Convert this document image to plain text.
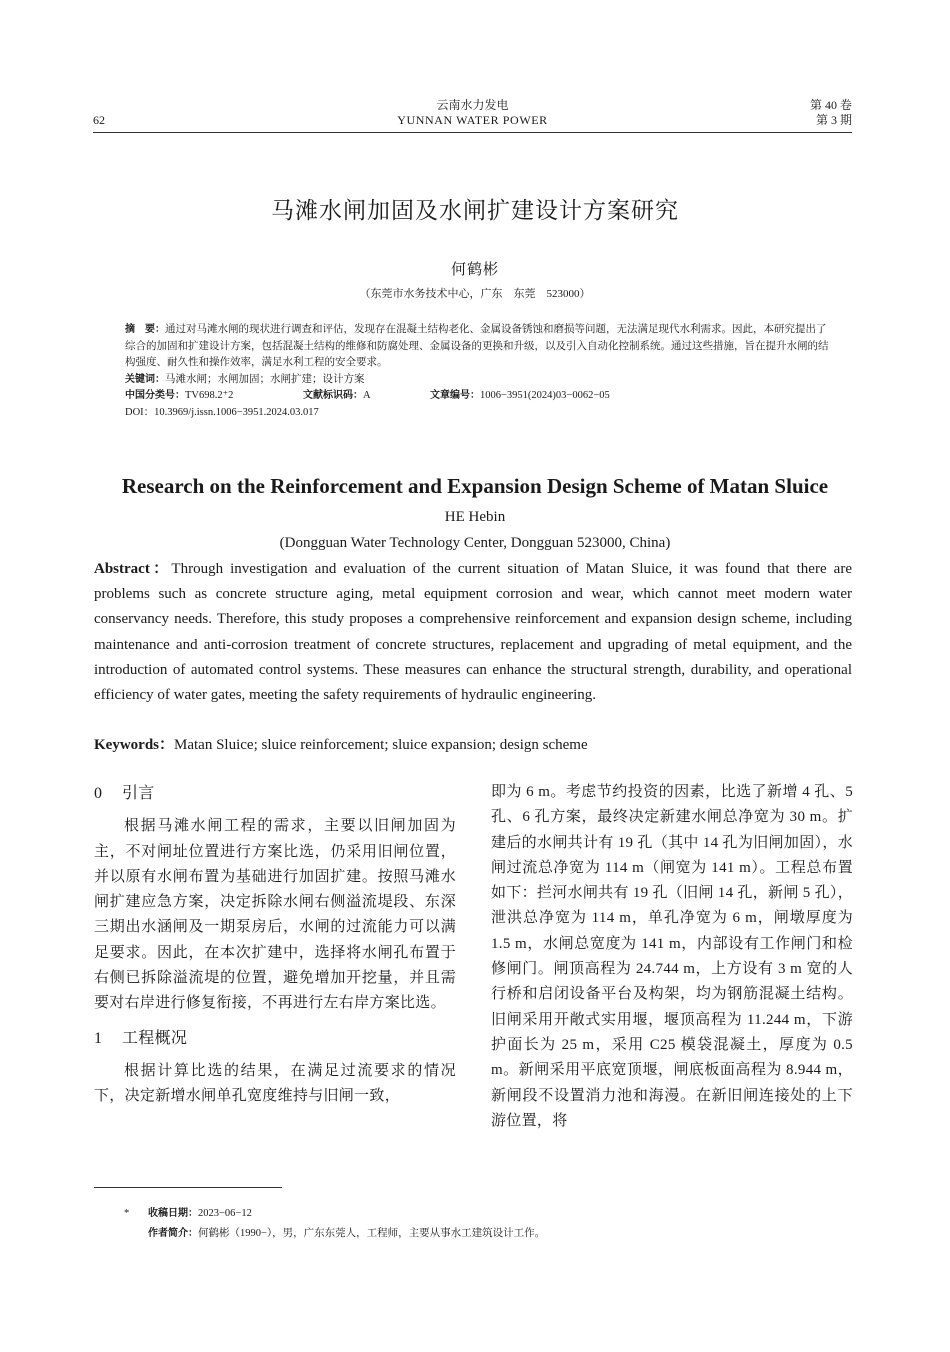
62
云南水力发电
YUNNAN WATER POWER
第 40 卷
第 3 期
马滩水闸加固及水闸扩建设计方案研究
何鹤彬
（东莞市水务技术中心，广东　东莞　523000）

摘　要：通过对马滩水闸的现状进行调查和评估，发现存在混凝土结构老化、金属设备锈蚀和磨损等问题，无法满足现代水利需求。因此，本研究提出了综合的加固和扩建设计方案，包括混凝土结构的维修和防腐处理、金属设备的更换和升级，以及引入自动化控制系统。通过这些措施，旨在提升水闸的结构强度、耐久性和操作效率，满足水利工程的安全要求。

关键词：马滩水闸；水闸加固；水闸扩建；设计方案

中国分类号：TV698.2⁺2	文献标识码：A	文章编号：1006−3951(2024)03−0062−05

DOI：10.3969/j.issn.1006−3951.2024.03.017

Research on the Reinforcement and Expansion Design Scheme of Matan Sluice
HE Hebin
(Dongguan Water Technology Center, Dongguan 523000, China)
Abstract：Through investigation and evaluation of the current situation of Matan Sluice, it was found that there are problems such as concrete structure aging, metal equipment corrosion and wear, which cannot meet modern water conservancy needs. Therefore, this study proposes a comprehensive reinforcement and expansion design scheme, including maintenance and anti-corrosion treatment of concrete structures, replacement and upgrading of metal equipment, and the introduction of automated control systems. These measures can enhance the structural strength, durability, and operational efficiency of water gates, meeting the safety requirements of hydraulic engineering.
Keywords：Matan Sluice; sluice reinforcement; sluice expansion; design scheme

0 引言

根据马滩水闸工程的需求，主要以旧闸加固为主，不对闸址位置进行方案比选，仍采用旧闸位置，并以原有水闸布置为基础进行加固扩建。按照马滩水闸扩建应急方案，决定拆除水闸右侧溢流堤段、东深三期出水涵闸及一期泵房后，水闸的过流能力可以满足要求。因此，在本次扩建中，选择将水闸孔布置于右侧已拆除溢流堤的位置，避免增加开挖量，并且需要对右岸进行修复衔接，不再进行左右岸方案比选。

1 工程概况

根据计算比选的结果，在满足过流要求的情况下，决定新增水闸单孔宽度维持与旧闸一致，

即为 6 m。考虑节约投资的因素，比选了新增 4 孔、5 孔、6 孔方案，最终决定新建水闸总净宽为 30 m。扩建后的水闸共计有 19 孔（其中 14 孔为旧闸加固），水闸过流总净宽为 114 m（闸宽为 141 m）。工程总布置如下：拦河水闸共有 19 孔（旧闸 14 孔，新闸 5 孔），泄洪总净宽为 114 m，单孔净宽为 6 m，闸墩厚度为 1.5 m，水闸总宽度为 141 m，内部设有工作闸门和检修闸门。闸顶高程为 24.744 m，上方设有 3 m 宽的人行桥和启闭设备平台及构架，均为钢筋混凝土结构。旧闸采用开敞式实用堰，堰顶高程为 11.244 m，下游护面长为 25 m，采用 C25 模袋混凝土，厚度为 0.5 m。新闸采用平底宽顶堰，闸底板面高程为 8.944 m，新闸段不设置消力池和海漫。在新旧闸连接处的上下游位置，将

* 收稿日期：2023−06−12
作者简介：何鹤彬（1990−），男，广东东莞人，工程师，主要从事水工建筑设计工作。
